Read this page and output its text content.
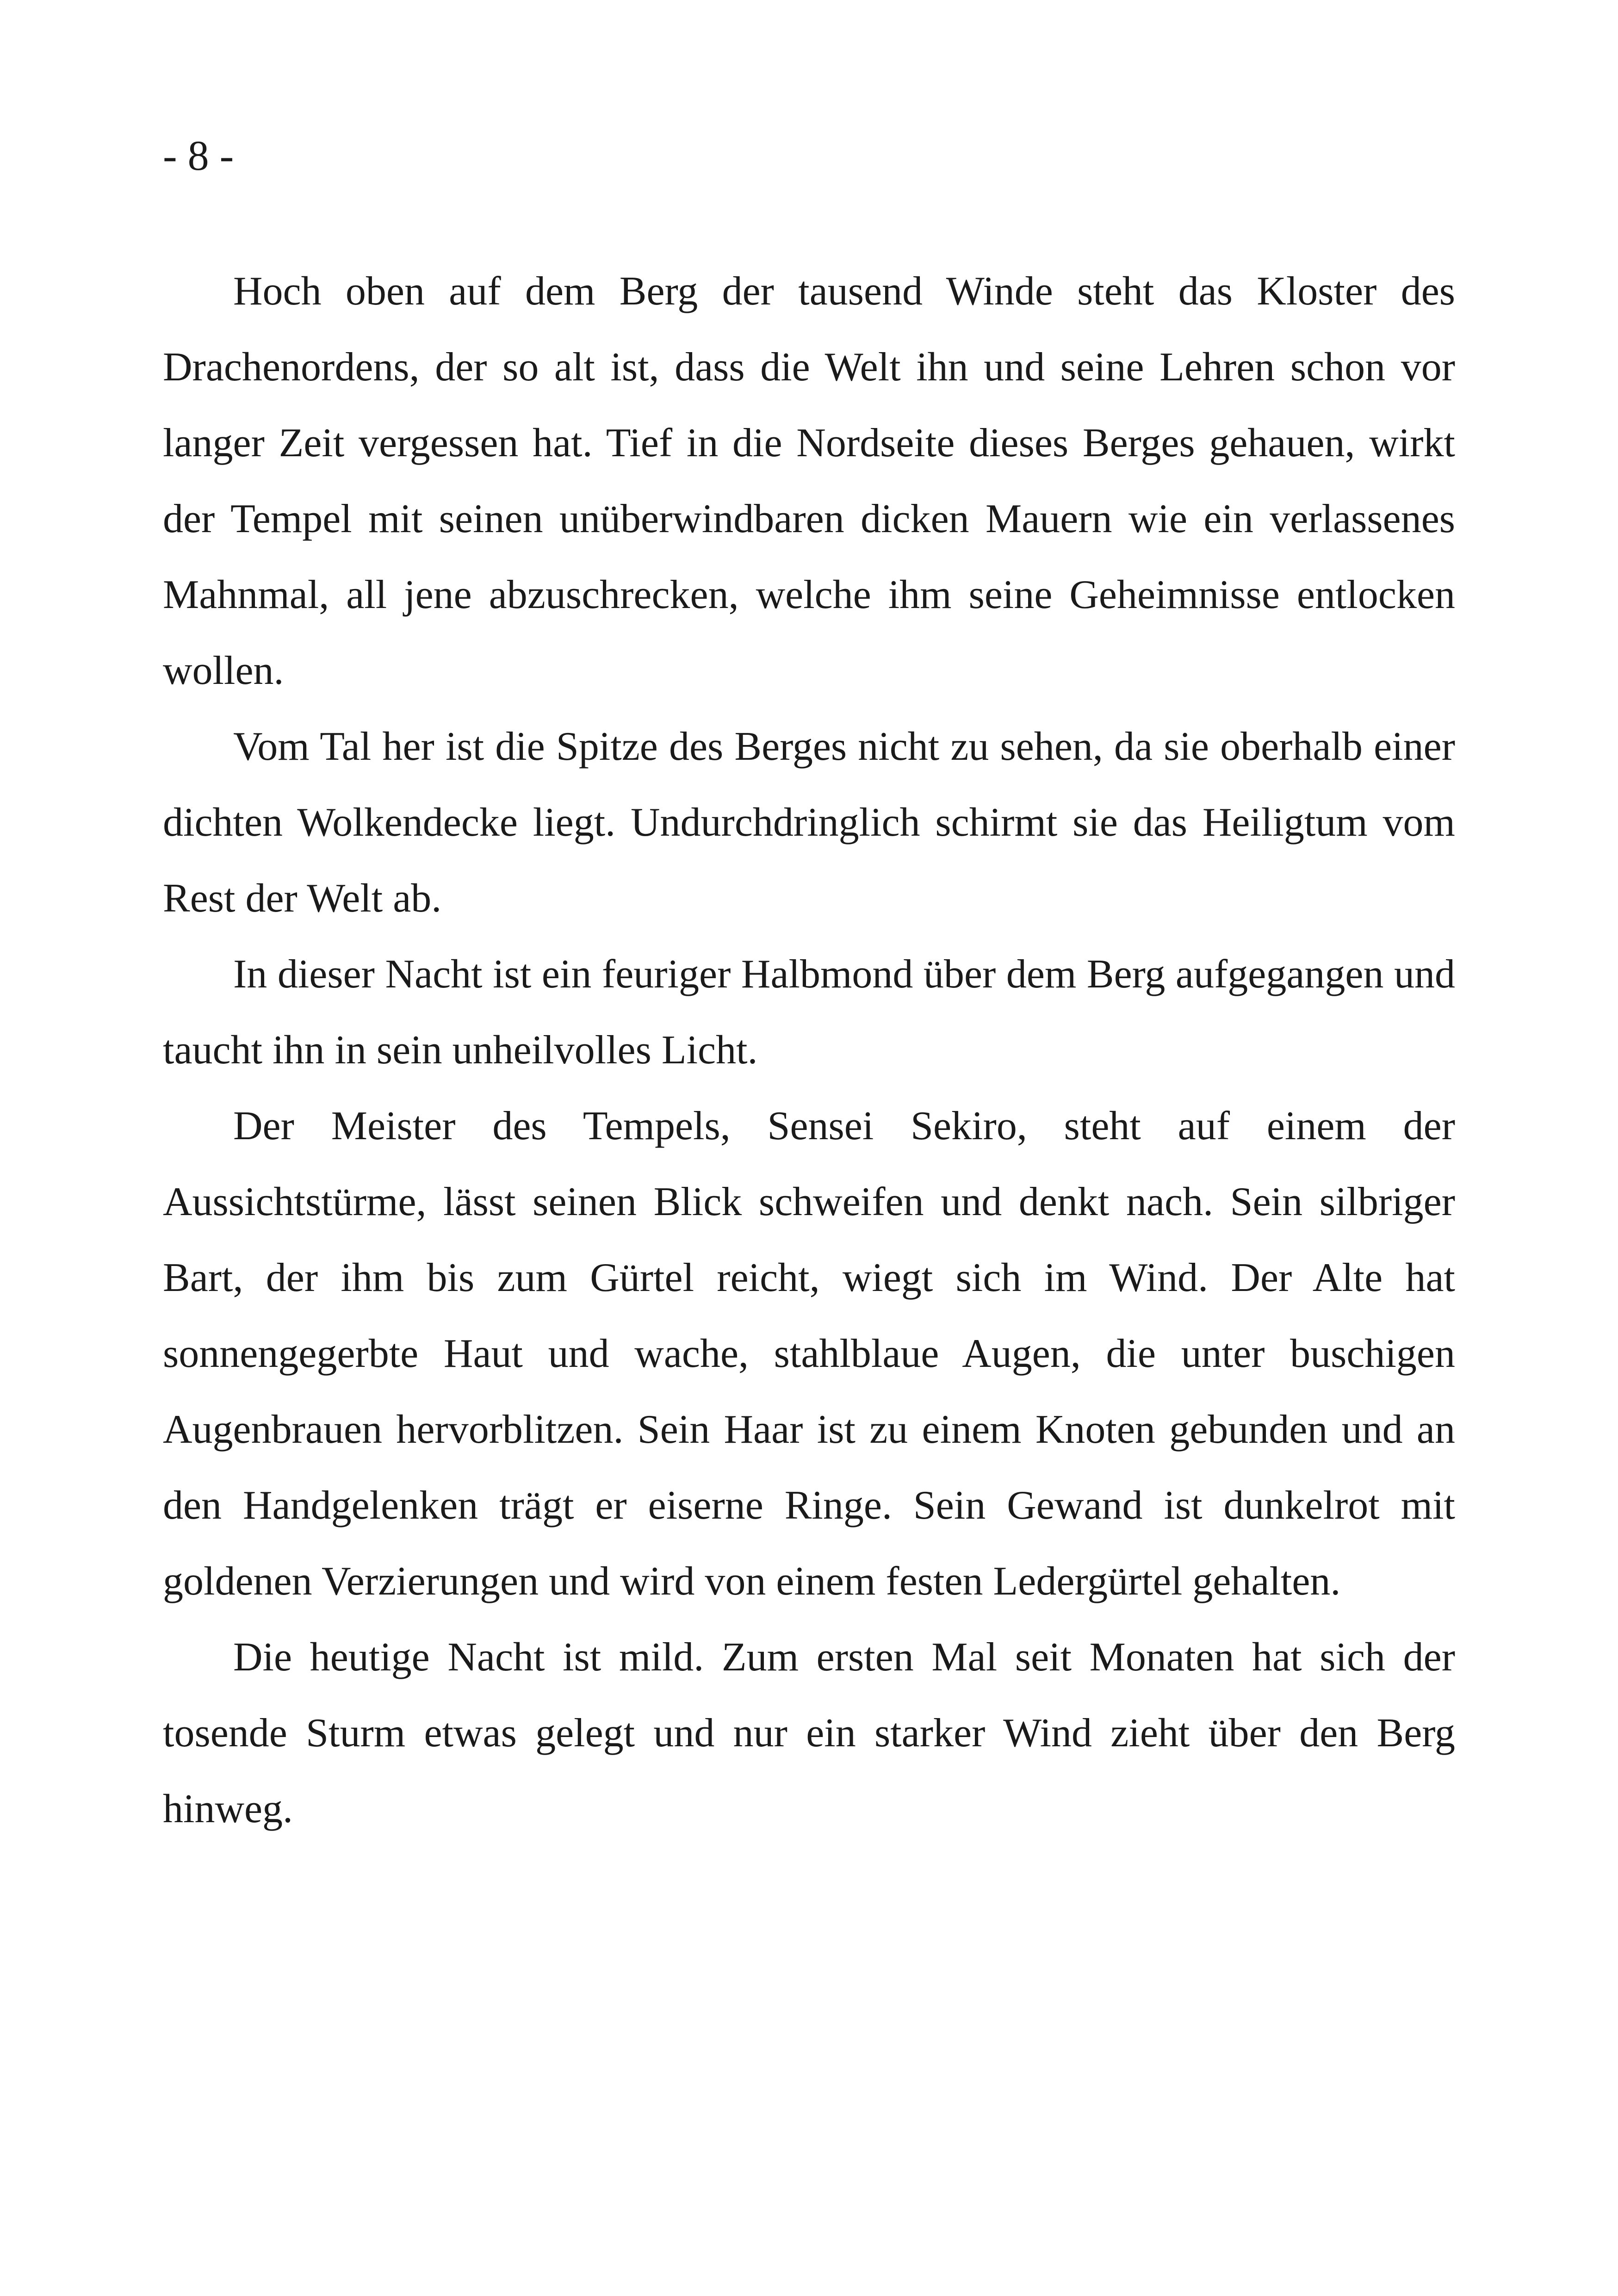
- 8 -

Hoch oben auf dem Berg der tausend Winde steht das Kloster des Drachenordens, der so alt ist, dass die Welt ihn und seine Lehren schon vor langer Zeit vergessen hat. Tief in die Nordseite dieses Berges gehauen, wirkt der Tempel mit seinen unüberwindbaren dicken Mauern wie ein verlassenes Mahnmal, all jene abzuschrecken, welche ihm seine Geheimnisse entlocken wollen.

Vom Tal her ist die Spitze des Berges nicht zu sehen, da sie oberhalb einer dichten Wolkendecke liegt. Undurchdringlich schirmt sie das Heiligtum vom Rest der Welt ab.

In dieser Nacht ist ein feuriger Halbmond über dem Berg aufgegangen und taucht ihn in sein unheilvolles Licht.

Der Meister des Tempels, Sensei Sekiro, steht auf einem der Aussichtstürme, lässt seinen Blick schweifen und denkt nach. Sein silbriger Bart, der ihm bis zum Gürtel reicht, wiegt sich im Wind. Der Alte hat sonnengegerbte Haut und wache, stahlblaue Augen, die unter buschigen Augenbrauen hervorblitzen. Sein Haar ist zu einem Knoten gebunden und an den Handgelenken trägt er eiserne Ringe. Sein Gewand ist dunkelrot mit goldenen Verzierungen und wird von einem festen Ledergürtel gehalten.

Die heutige Nacht ist mild. Zum ersten Mal seit Monaten hat sich der tosende Sturm etwas gelegt und nur ein starker Wind zieht über den Berg hinweg.
